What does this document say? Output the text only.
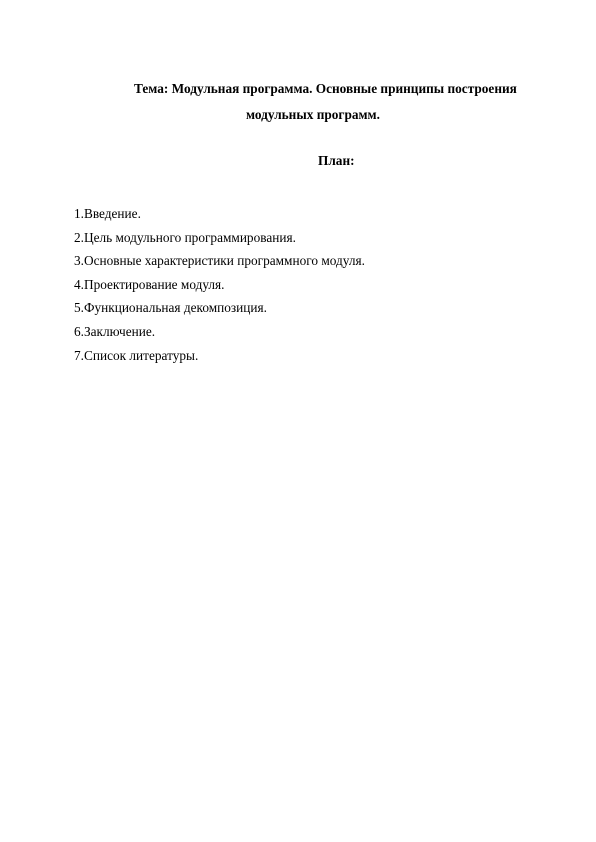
Тема: Модульная программа. Основные принципы построения
модульных программ.
План:
1.Введение.
2.Цель модульного программирования.
3.Основные характеристики программного модуля.
4.Проектирование модуля.
5.Функциональная декомпозиция.
6.Заключение.
7.Список литературы.
